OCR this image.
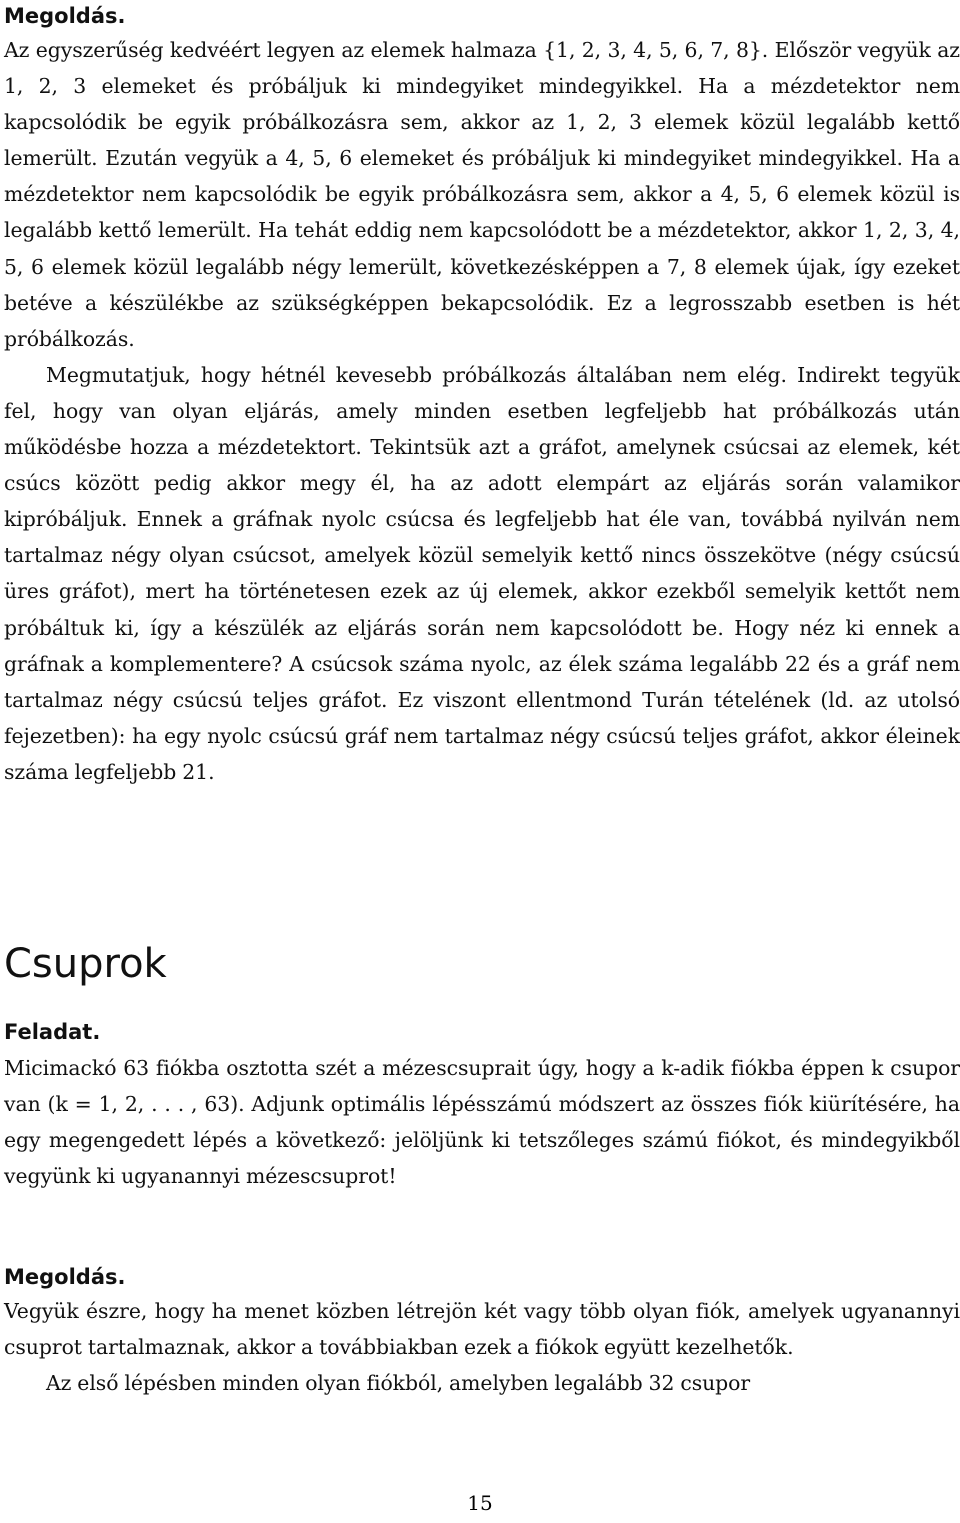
Megoldás.

Az egyszerűség kedvéért legyen az elemek halmaza {1, 2, 3, 4, 5, 6, 7, 8}. Először vegyük az 1, 2, 3 elemeket és próbáljuk ki mindegyiket mindegyikkel. Ha a mézdetektor nem kapcsolódik be egyik próbálkozásra sem, akkor az 1, 2, 3 elemek közül legalább kettő lemerült. Ezután vegyük a 4, 5, 6 elemeket és próbáljuk ki mindegyiket mindegyikkel. Ha a mézdetektor nem kapcsolódik be egyik próbálkozásra sem, akkor a 4, 5, 6 elemek közül is legalább kettő lemerült. Ha tehát eddig nem kapcsolódott be a mézdetektor, akkor 1, 2, 3, 4, 5, 6 elemek közül legalább négy lemerült, következésképpen a 7, 8 elemek újak, így ezeket betéve a készülékbe az szükségképpen bekapcsolódik. Ez a legrosszabb esetben is hét próbálkozás.

Megmutatjuk, hogy hétnél kevesebb próbálkozás általában nem elég. Indirekt tegyük fel, hogy van olyan eljárás, amely minden esetben legfeljebb hat próbálkozás után működésbe hozza a mézdetektort. Tekintsük azt a gráfot, amelynek csúcsai az elemek, két csúcs között pedig akkor megy él, ha az adott elempárt az eljárás során valamikor kipróbáljuk. Ennek a gráfnak nyolc csúcsa és legfeljebb hat éle van, továbbá nyilván nem tartalmaz négy olyan csúcsot, amelyek közül semelyik kettő nincs összekötve (négy csúcsú üres gráfot), mert ha történetesen ezek az új elemek, akkor ezekből semelyik kettőt nem próbáltuk ki, így a készülék az eljárás során nem kapcsolódott be. Hogy néz ki ennek a gráfnak a komplementere? A csúcsok száma nyolc, az élek száma legalább 22 és a gráf nem tartalmaz négy csúcsú teljes gráfot. Ez viszont ellentmond Turán tételének (ld. az utolsó fejezetben): ha egy nyolc csúcsú gráf nem tartalmaz négy csúcsú teljes gráfot, akkor éleinek száma legfeljebb 21.

Csuprok

Feladat.

Micimackó 63 fiókba osztotta szét a mézescsuprait úgy, hogy a k-adik fiókba éppen k csupor van (k = 1, 2, . . . , 63). Adjunk optimális lépésszámú módszert az összes fiók kiürítésére, ha egy megengedett lépés a következő: jelöljünk ki tetszőleges számú fiókot, és mindegyikből vegyünk ki ugyanannyi mézescsuprot!

Megoldás.

Vegyük észre, hogy ha menet közben létrejön két vagy több olyan fiók, amelyek ugyanannyi csuprot tartalmaznak, akkor a továbbiakban ezek a fiókok együtt kezelhetők.

Az első lépésben minden olyan fiókból, amelyben legalább 32 csupor

15
